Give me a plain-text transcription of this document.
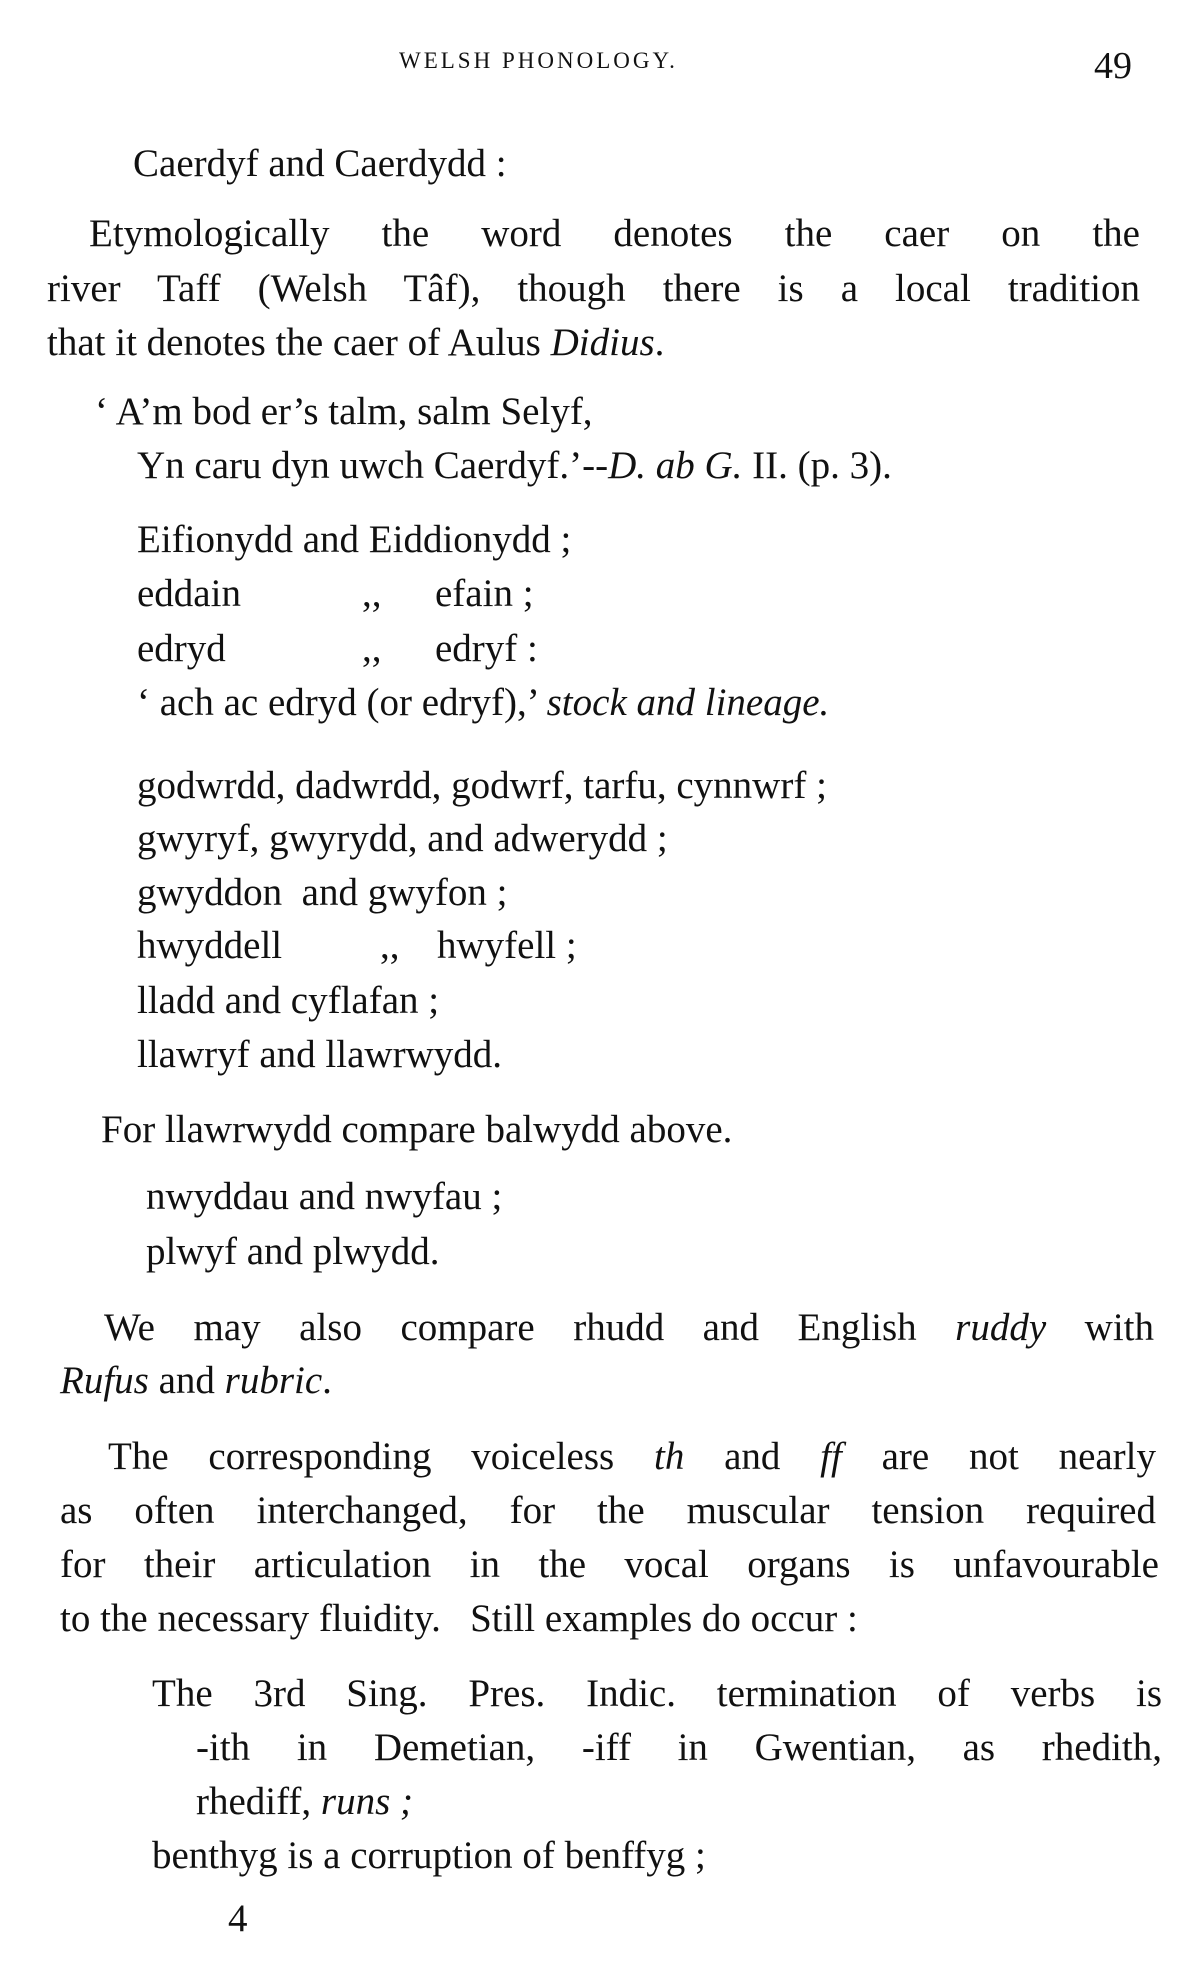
WELSH PHONOLOGY.	49
Caerdyf and Caerdydd :
Etymologically the word denotes the caer on the
river Taff (Welsh Tâf), though there is a local tradition
that it denotes the caer of Aulus Didius.
‘ A’m bod er’s talm, salm Selyf,
Yn caru dyn uwch Caerdyf.’--D. ab G. II. (p. 3).
Eifionydd and Eiddionydd ;
eddain	,, efain ;
edryd	,, edryf :
‘ ach ac edryd (or edryf),’ stock and lineage.
godwrdd, dadwrdd, godwrf, tarfu, cynnwrf ;
gwyryf, gwyrydd, and adwerydd ;
gwyddon  and gwyfon ;
hwyddell	,, hwyfell ;
lladd and cyflafan ;
llawryf and llawrwydd.
For llawrwydd compare balwydd above.
nwyddau and nwyfau ;
plwyf and plwydd.
We may also compare rhudd and English ruddy with
Rufus and rubric.
The corresponding voiceless th and ff are not nearly
as often interchanged, for the muscular tension required
for their articulation in the vocal organs is unfavourable
to the necessary fluidity.   Still examples do occur :
The 3rd Sing. Pres. Indic. termination of verbs is
-ith in Demetian, -iff in Gwentian, as rhedith,
rhediff, runs ;
benthyg is a corruption of benffyg ;
4
